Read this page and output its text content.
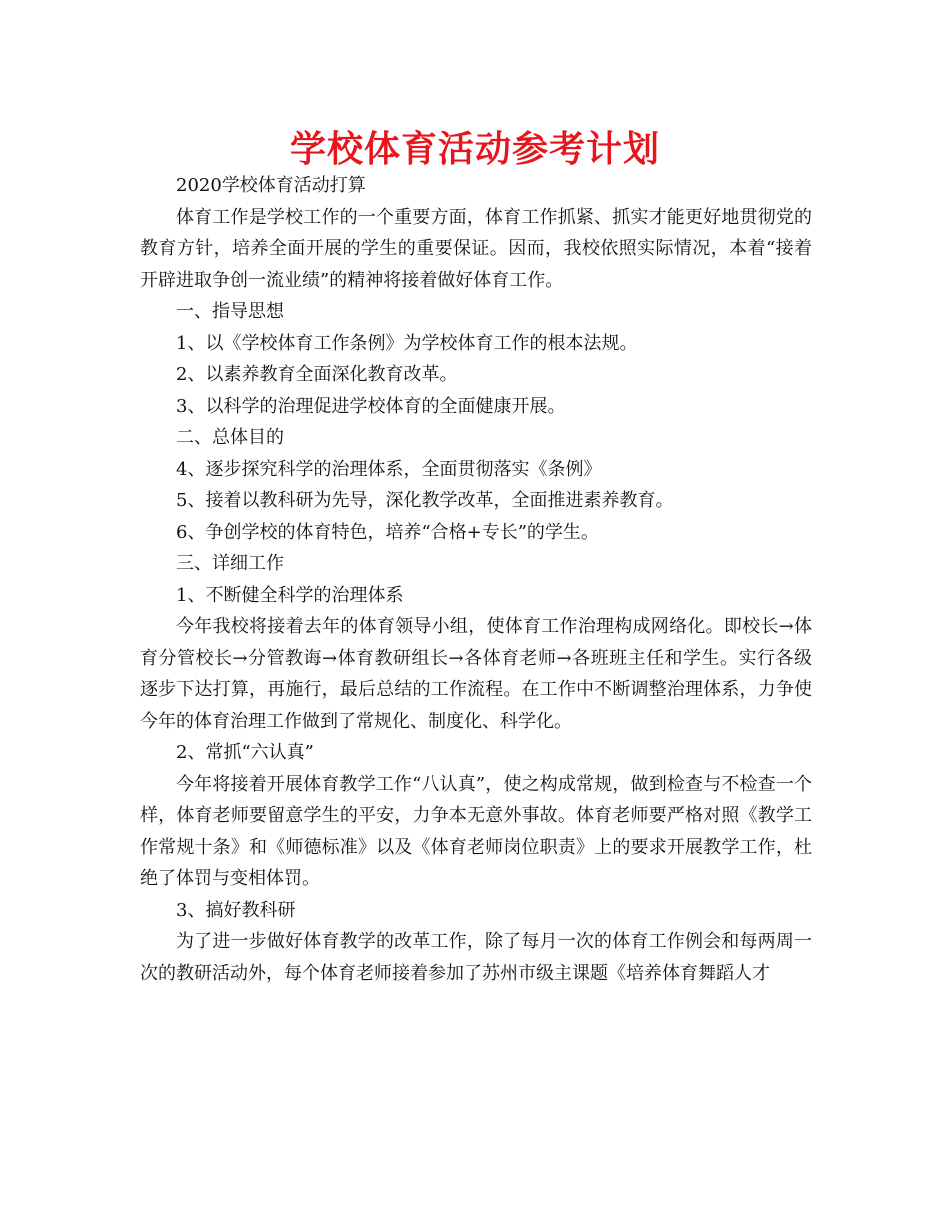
学校体育活动参考计划

2020学校体育活动打算

体育工作是学校工作的一个重要方面，体育工作抓紧、抓实才能更好地贯彻党的教育方针，培养全面开展的学生的重要保证。因而，我校依照实际情况，本着“接着开辟进取争创一流业绩”的精神将接着做好体育工作。

一、指导思想

1、以《学校体育工作条例》为学校体育工作的根本法规。

2、以素养教育全面深化教育改革。

3、以科学的治理促进学校体育的全面健康开展。

二、总体目的

4、逐步探究科学的治理体系，全面贯彻落实《条例》

5、接着以教科研为先导，深化教学改革，全面推进素养教育。

6、争创学校的体育特色，培养“合格+专长”的学生。

三、详细工作

1、不断健全科学的治理体系

今年我校将接着去年的体育领导小组，使体育工作治理构成网络化。即校长→体育分管校长→分管教诲→体育教研组长→各体育老师→各班班主任和学生。实行各级逐步下达打算，再施行，最后总结的工作流程。在工作中不断调整治理体系，力争使今年的体育治理工作做到了常规化、制度化、科学化。

2、常抓“六认真”

今年将接着开展体育教学工作“八认真”，使之构成常规，做到检查与不检查一个样，体育老师要留意学生的平安，力争本无意外事故。体育老师要严格对照《教学工作常规十条》和《师德标准》以及《体育老师岗位职责》上的要求开展教学工作，杜绝了体罚与变相体罚。

3、搞好教科研

为了进一步做好体育教学的改革工作，除了每月一次的体育工作例会和每两周一次的教研活动外，每个体育老师接着参加了苏州市级主课题《培养体育舞蹈人才
